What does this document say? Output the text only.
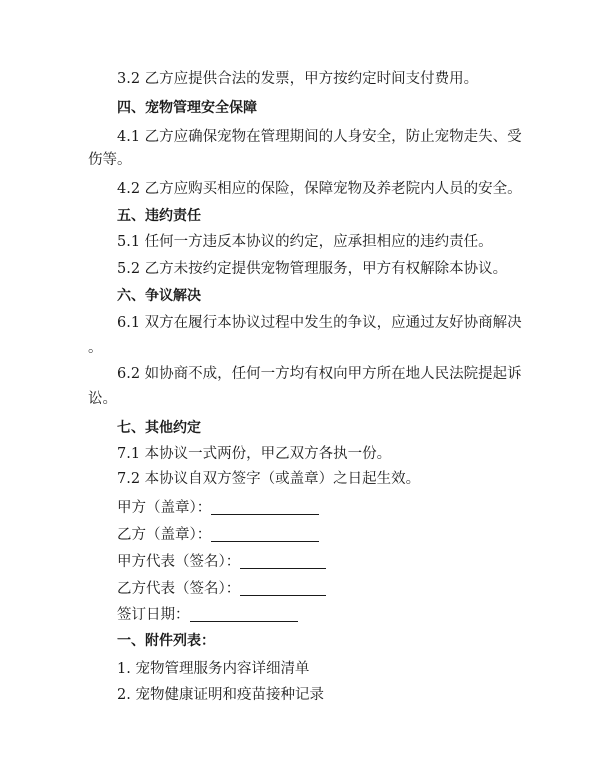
3.2 乙方应提供合法的发票，甲方按约定时间支付费用。
四、宠物管理安全保障
4.1 乙方应确保宠物在管理期间的人身安全，防止宠物走失、受
伤等。
4.2 乙方应购买相应的保险，保障宠物及养老院内人员的安全。
五、违约责任
5.1 任何一方违反本协议的约定，应承担相应的违约责任。
5.2 乙方未按约定提供宠物管理服务，甲方有权解除本协议。
六、争议解决
6.1 双方在履行本协议过程中发生的争议，应通过友好协商解决
。
6.2 如协商不成，任何一方均有权向甲方所在地人民法院提起诉
讼。
七、其他约定
7.1 本协议一式两份，甲乙双方各执一份。
7.2 本协议自双方签字（或盖章）之日起生效。
甲方（盖章）：
乙方（盖章）：
甲方代表（签名）：
乙方代表（签名）：
签订日期：
一、附件列表：
1. 宠物管理服务内容详细清单
2. 宠物健康证明和疫苗接种记录
